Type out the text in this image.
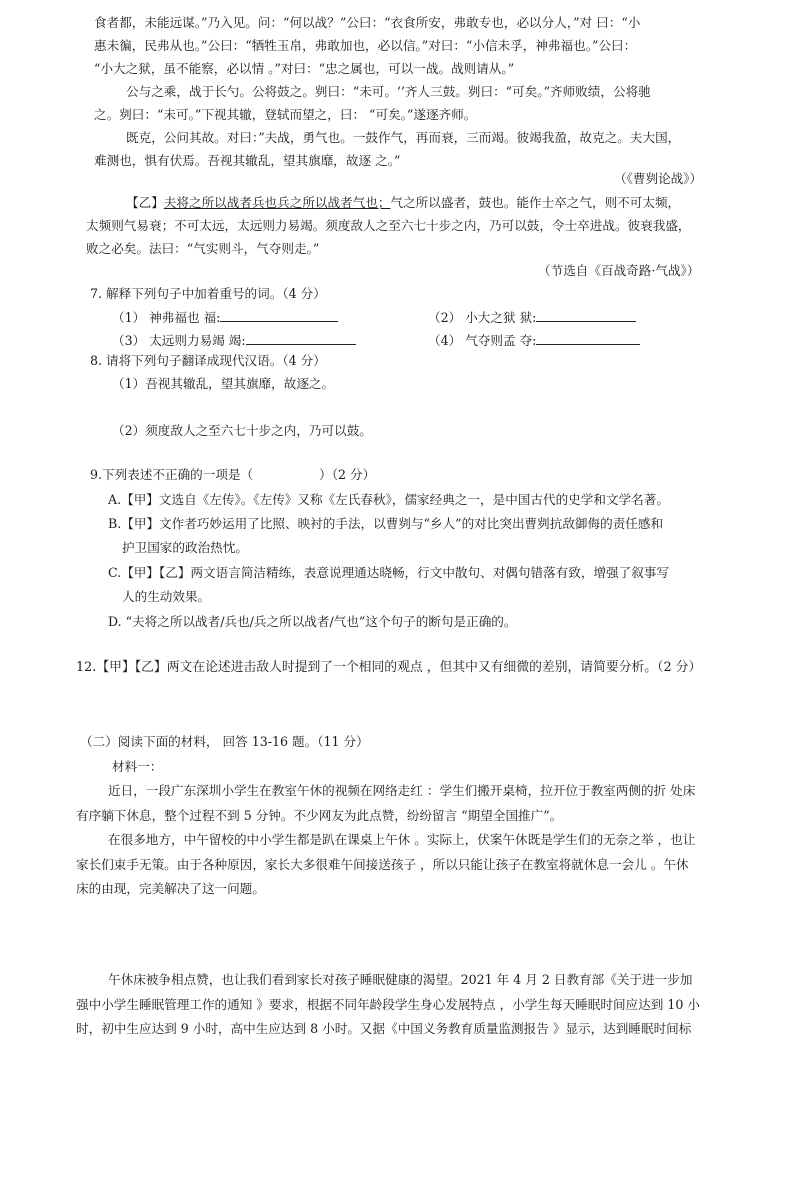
食者都，未能远谋。”乃入见。问：“何以战？”公曰：“衣食所安，弗敢专也，必以分人，”对 曰：“小
惠未徧，民弗从也。”公曰：“牺牲玉帛，弗敢加也，必以信。”对曰：“小信未孚，神弗福也。”公曰：
“小大之狱，虽不能察，必以情 。”对曰：“忠之属也，可以一战。战则请从。”
公与之乘，战于长勺。公将鼓之。刿曰：“未可。‘’齐人三鼓。刿曰：“可矣。”齐师败绩，公将驰
之。刿曰：“未可。”下视其辙，登轼而望之，曰： “可矣。”遂逐齐师。
既克，公问其故。对曰：”夫战，勇气也。一鼓作气，再而衰，三而竭。彼竭我盈，故克之。夫大国，
难测也，惧有伏焉。吾视其辙乱，望其旗靡，故逐 之。”
（《曹刿论战》）
【乙】夫将之所以战者兵也兵之所以战者气也；气之所以盛者，鼓也。能作士卒之气，则不可太频，
太频则气易衰；不可太远，太远则力易竭。须度敌人之至六七十步之内，乃可以鼓，令士卒进战。彼衰我盛，
败之必矣。法曰：“气实则斗，气夺则走。”
（节选自《百战奇路·气战》）
7. 解释下列句子中加着重号的词。（4 分）
（1） 神弗福也 福:	（2） 小大之狱 狱:
（3） 太远则力易竭 竭:	（4） 气夺则孟 夺:
8. 请将下列句子翻译成现代汉语。（4 分）
（1）吾视其辙乱，望其旗靡，故逐之。
（2）须度敌人之至六七十步之内，乃可以鼓。
9.下列表述不正确的一项是（	）（2 分）
A.【甲】文选自《左传》。《左传》又称《左氏春秋》，儒家经典之一，是中国古代的史学和文学名著。
B.【甲】文作者巧妙运用了比照、映衬的手法，以曹刿与“乡人”的对比突出曹刿抗敌御侮的责任感和
护卫国家的政治热忱。
C.【甲】【乙】两文语言简洁精练，表意说理通达晓畅，行文中散句、对偶句错落有致，增强了叙事写
人的生动效果。
D. “夫将之所以战者/兵也/兵之所以战者/气也”这个句子的断句是正确的。
12.【甲】【乙】两文在论述进击敌人时提到了一个相同的观点 ，但其中又有细微的差别，请简要分析。（2 分）
（二）阅读下面的材料， 回答 13-16 题。（11 分）
材料一：
近日，一段广东深圳小学生在教室午休的视频在网络走红 ：学生们搬开桌椅，拉开位于教室两侧的折 处床
有序躺下休息，整个过程不到 5 分钟。不少网友为此点赞，纷纷留言 “期望全国推广”。
在很多地方，中午留校的中小学生都是趴在课桌上午休 。实际上，伏案午休既是学生们的无奈之举 ，也让
家长们束手无策。由于各种原因，家长大多很难午间接送孩子 ，所以只能让孩子在教室将就休息一会儿 。午休
床的由现，完美解决了这一问题。
午休床被争相点赞，也让我们看到家长对孩子睡眠健康的渴望。2021 年 4 月 2 日教育部《关于进一步加
强中小学生睡眠管理工作的通知 》要求，根据不同年龄段学生身心发展特点 ，小学生每天睡眠时间应达到 10 小
时，初中生应达到 9 小时，高中生应达到 8 小时。又据《中国义务教育质量监测报告 》显示，达到睡眠时间标
